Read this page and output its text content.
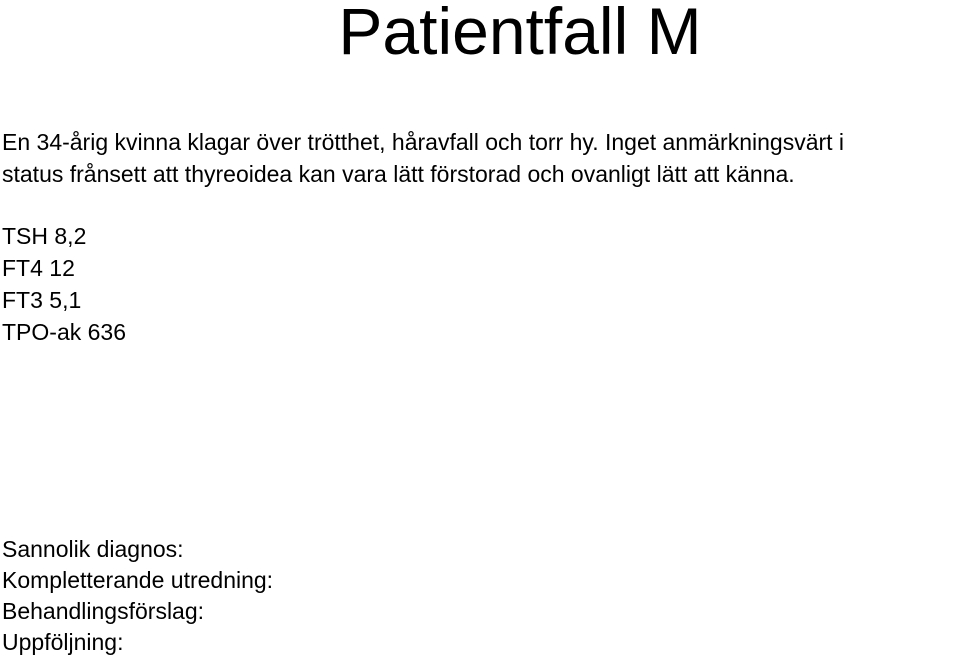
Patientfall M

En 34-årig kvinna klagar över trötthet, håravfall och torr hy. Inget anmärkningsvärt i
status frånsett att thyreoidea kan vara lätt förstorad och ovanligt lätt att känna.

TSH 8,2
FT4 12
FT3 5,1
TPO-ak 636
Sannolik diagnos:
Kompletterande utredning:
Behandlingsförslag:
Uppföljning:
